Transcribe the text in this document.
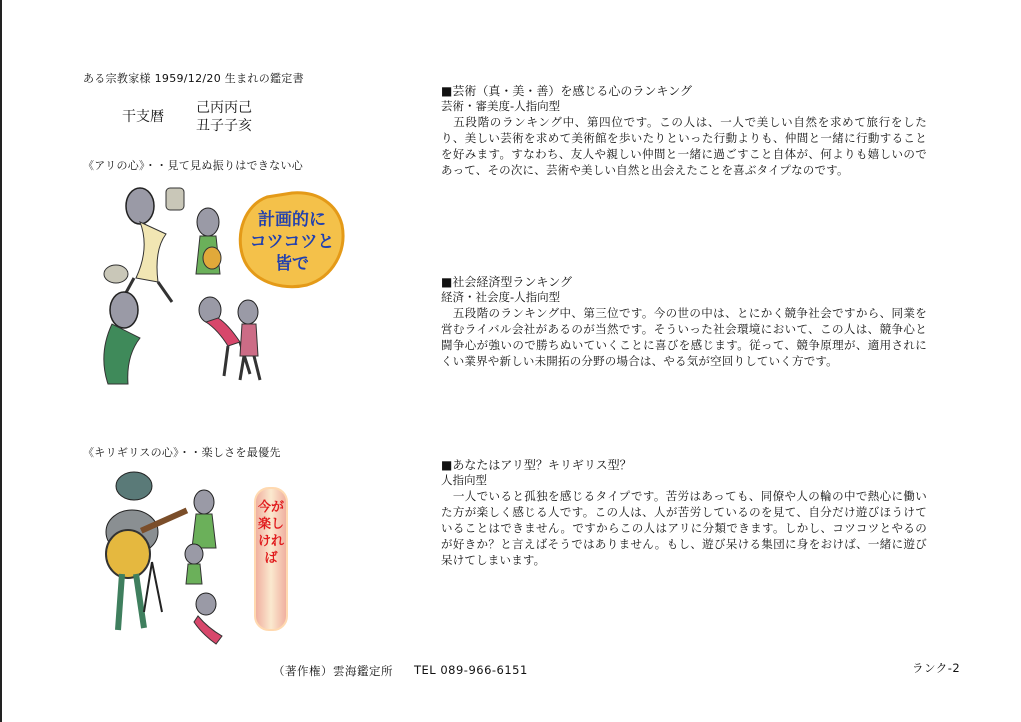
ある宗教家様 1959/12/20 生まれの鑑定書
干支暦
己丙丙己
丑子子亥
《アリの心》・・見て見ぬ振りはできない心
計画的に
コツコツと
皆で
《キリギリスの心》・・楽しさを最優先
今が楽しければ
■芸術（真・美・善）を感じる心のランキング
芸術・審美度-人指向型
　五段階のランキング中、第四位です。この人は、一人で美しい自然を求めて旅行をしたり、美しい芸術を求めて美術館を歩いたりといった行動よりも、仲間と一緒に行動することを好みます。すなわち、友人や親しい仲間と一緒に過ごすこと自体が、何よりも嬉しいのであって、その次に、芸術や美しい自然と出会えたことを喜ぶタイプなのです。
■社会経済型ランキング
経済・社会度-人指向型
　五段階のランキング中、第三位です。今の世の中は、とにかく競争社会ですから、同業を営むライバル会社があるのが当然です。そういった社会環境において、この人は、競争心と闘争心が強いので勝ちぬいていくことに喜びを感じます。従って、競争原理が、適用されにくい業界や新しい未開拓の分野の場合は、やる気が空回りしていく方です。
■あなたはアリ型？キリギリス型？
人指向型
　一人でいると孤独を感じるタイプです。苦労はあっても、同僚や人の輪の中で熱心に働いた方が楽しく感じる人です。この人は、人が苦労しているのを見て、自分だけ遊びほうけていることはできません。ですからこの人はアリに分類できます。しかし、コツコツとやるのが好きか？と言えばそうではありません。もし、遊び呆ける集団に身をおけば、一緒に遊び呆けてしまいます。
（著作権）雲海鑑定所 TEL 089-966-6151	ランク-2
